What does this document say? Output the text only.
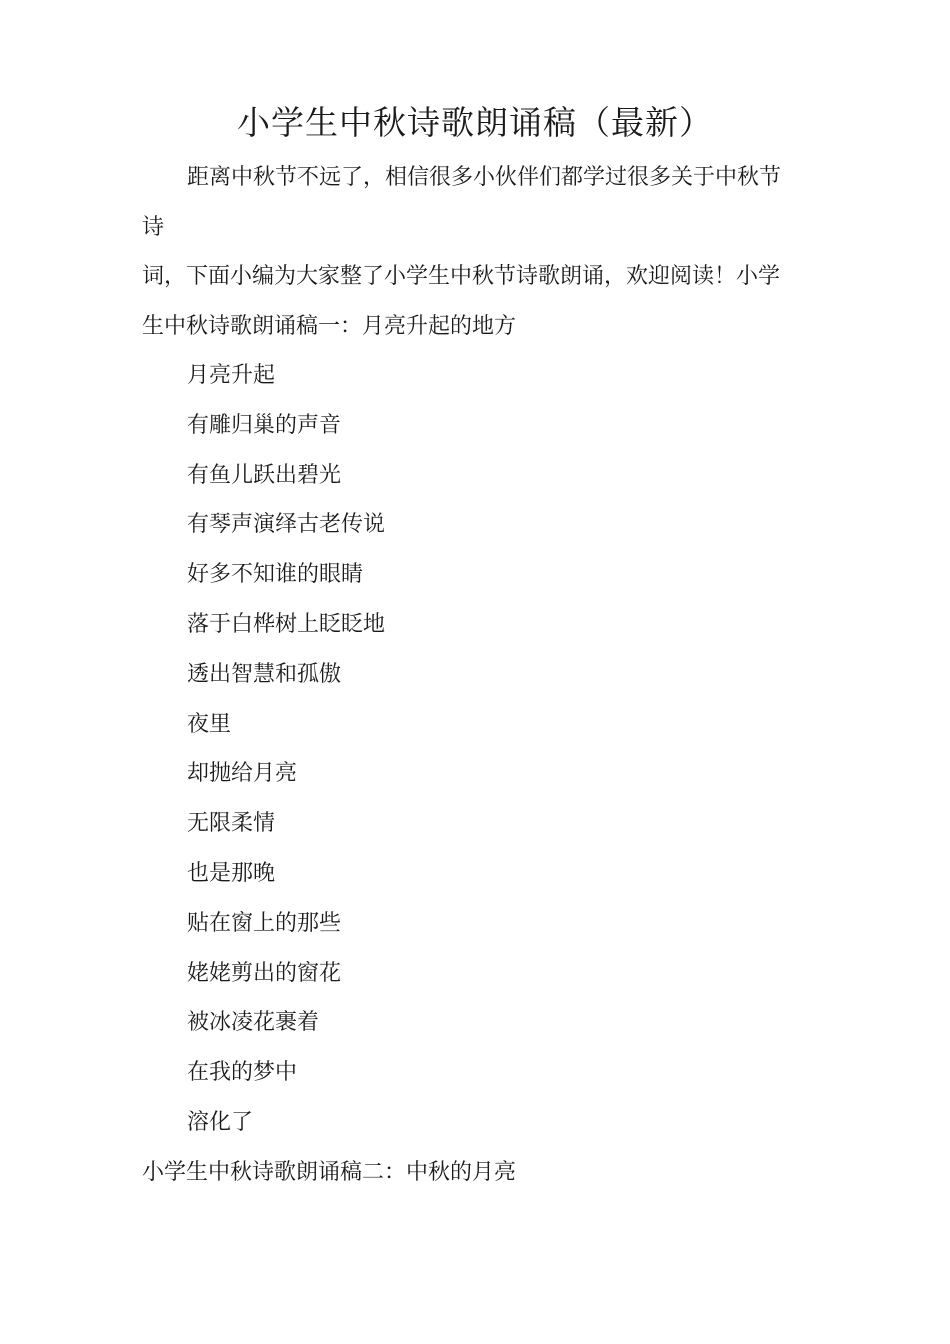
小学生中秋诗歌朗诵稿（最新）
距离中秋节不远了，相信很多小伙伴们都学过很多关于中秋节
诗
词，下面小编为大家整了小学生中秋节诗歌朗诵，欢迎阅读！小学
生中秋诗歌朗诵稿一：月亮升起的地方
月亮升起
有雕归巢的声音
有鱼儿跃出碧光
有琴声演绎古老传说
好多不知谁的眼睛
落于白桦树上眨眨地
透出智慧和孤傲
夜里
却抛给月亮
无限柔情
也是那晚
贴在窗上的那些
姥姥剪出的窗花
被冰凌花裹着
在我的梦中
溶化了
小学生中秋诗歌朗诵稿二：中秋的月亮
